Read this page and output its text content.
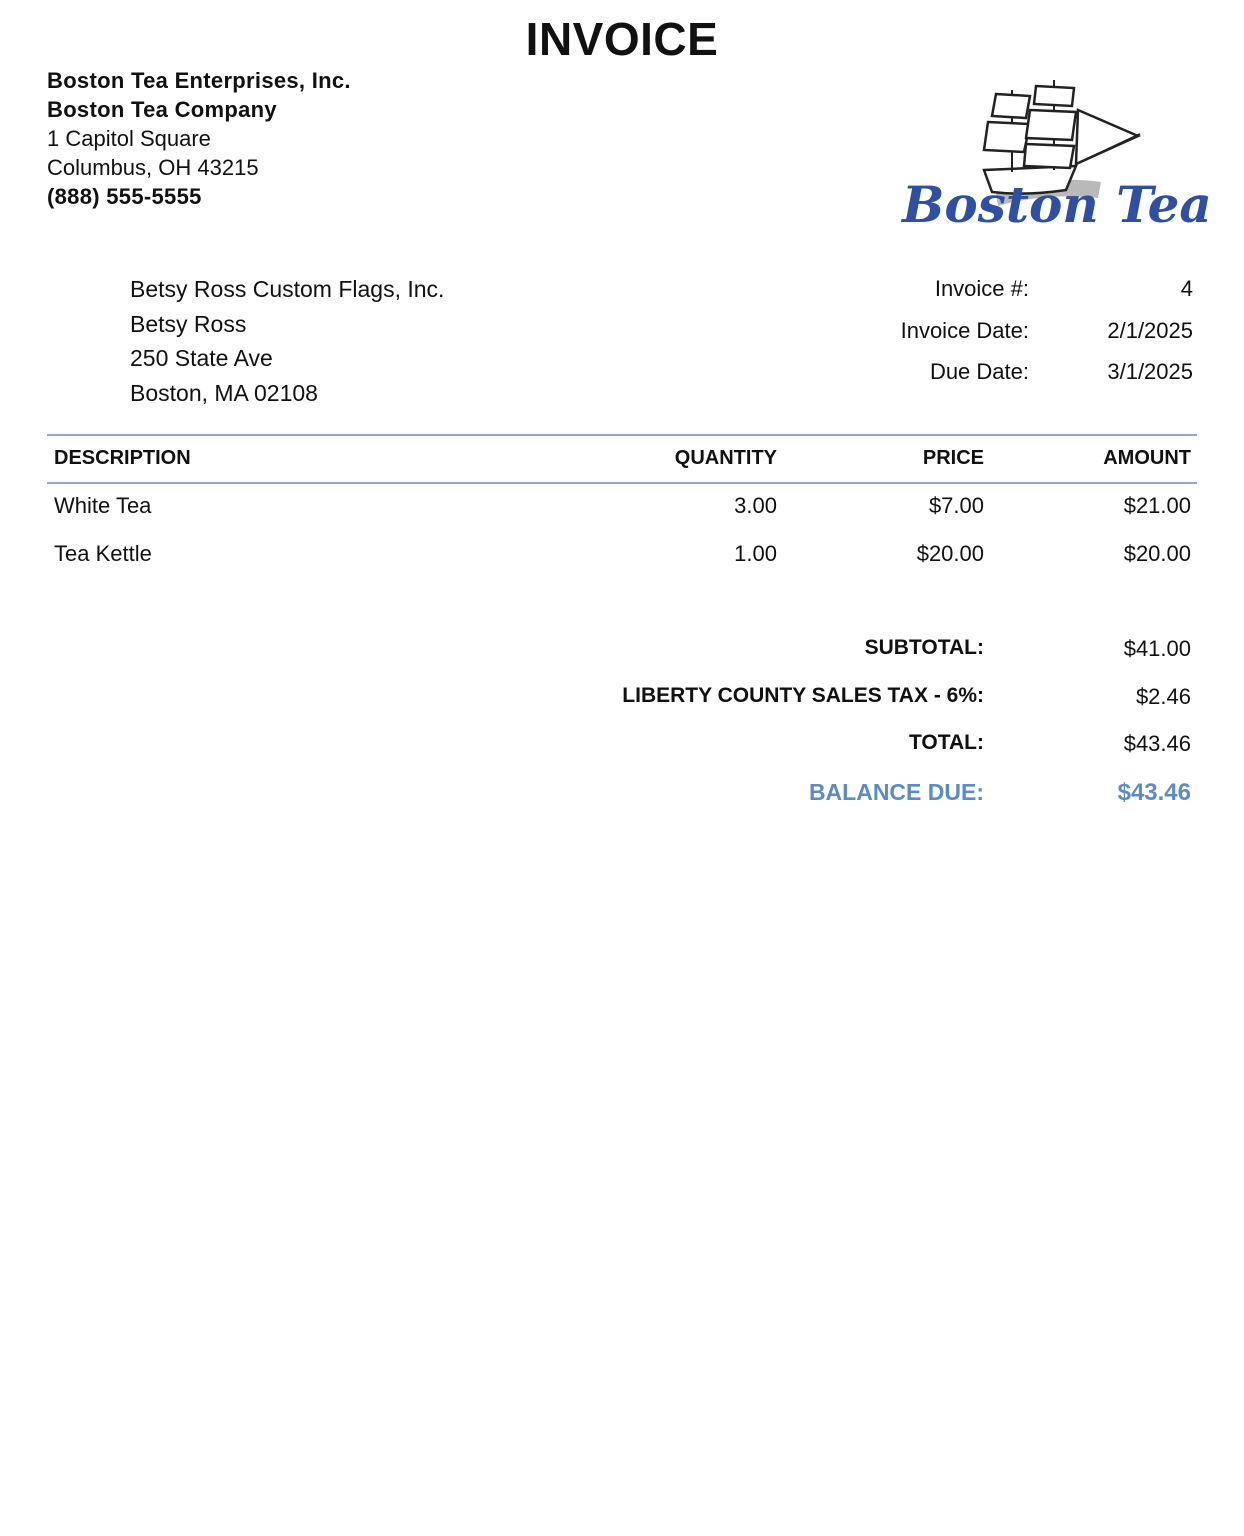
INVOICE
Boston Tea Enterprises, Inc.
Boston Tea Company
1 Capitol Square
Columbus, OH 43215
(888) 555-5555	Boston Tea
Betsy Ross Custom Flags, Inc.
Betsy Ross
250 State Ave
Boston, MA 02108
Invoice #:	4
Invoice Date:	2/1/2025
Due Date:	3/1/2025
DESCRIPTION	QUANTITY	PRICE	AMOUNT
White Tea	3.00	$7.00	$21.00
Tea Kettle	1.00	$20.00	$20.00
SUBTOTAL:	$41.00
LIBERTY COUNTY SALES TAX - 6%:	$2.46
TOTAL:	$43.46
BALANCE DUE:	$43.46
